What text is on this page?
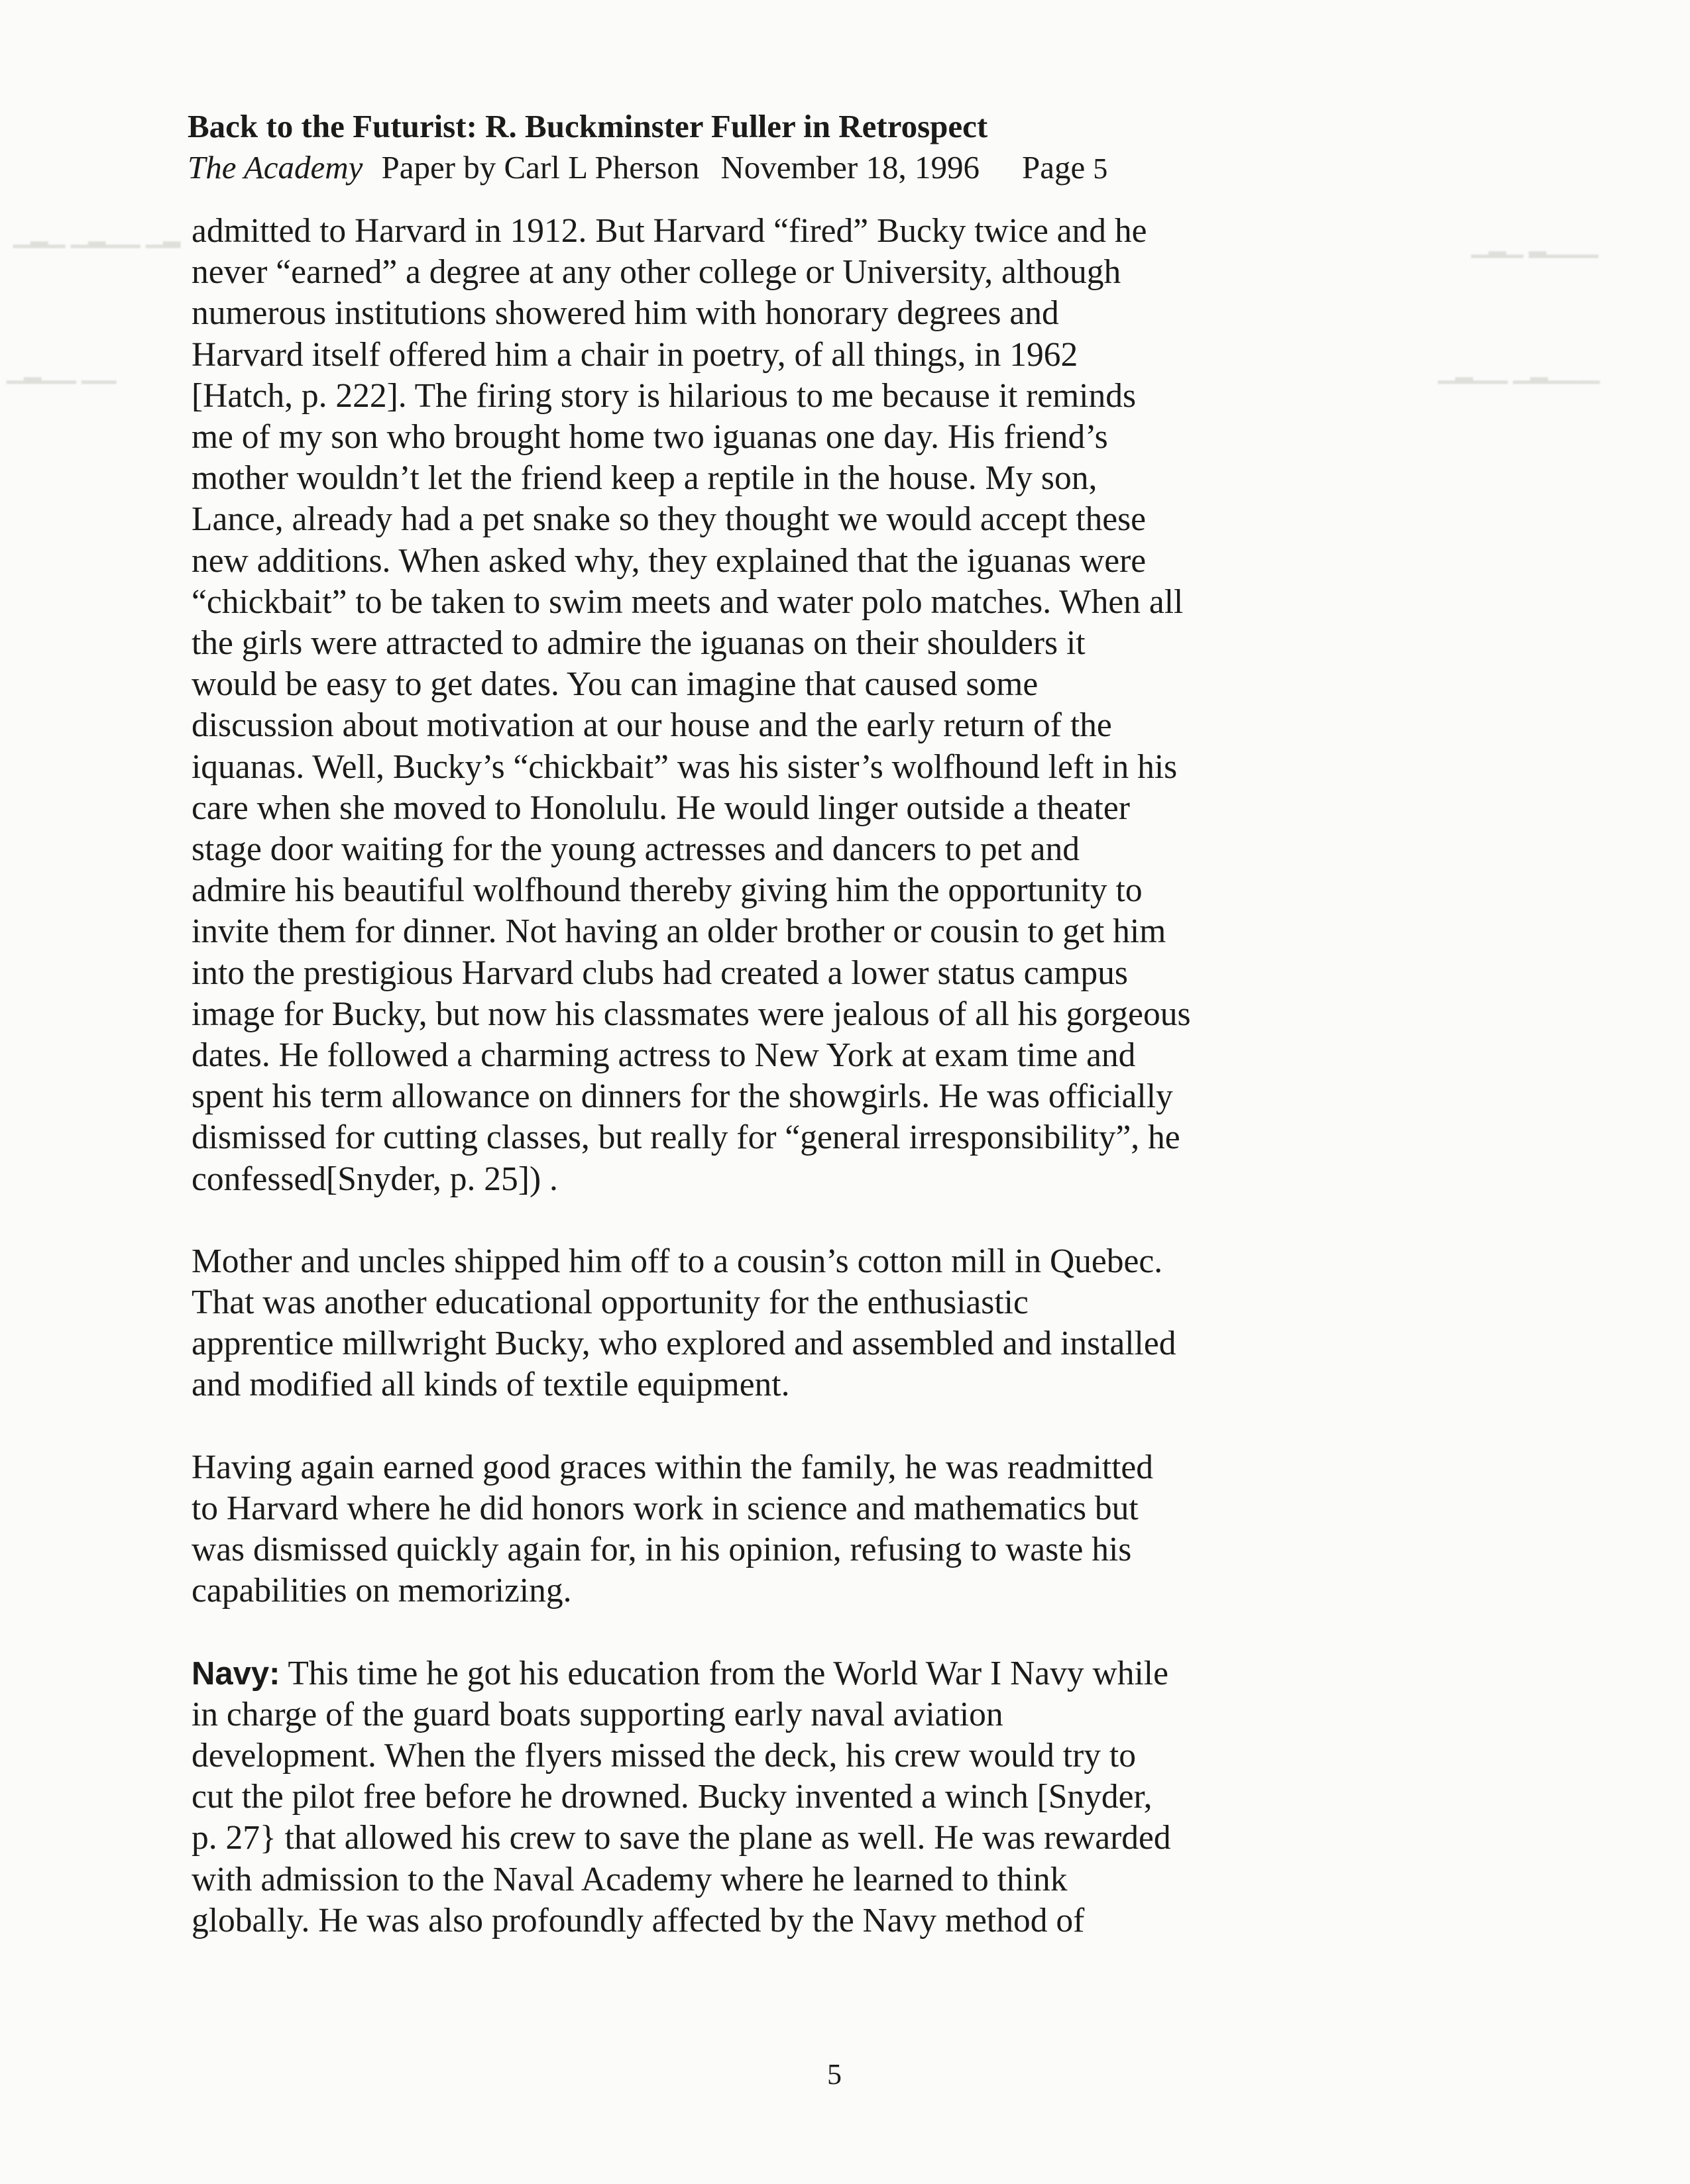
▁▂▁ ▁▂▁▁ ▁▂	▁▂▁ ▂▁▁▁
▁▂▁▁ ▁▂▁▁▁
▁▂▁▁ ▁▁
Back to the Futurist: R. Buckminster Fuller in Retrospect
The Academy Paper by Carl L Pherson November 18, 1996 Page 5

admitted to Harvard in 1912. But Harvard “fired” Bucky twice and he
never “earned” a degree at any other college or University, although
numerous institutions showered him with honorary degrees and
Harvard itself offered him a chair in poetry, of all things, in 1962
[Hatch, p. 222]. The firing story is hilarious to me because it reminds
me of my son who brought home two iguanas one day. His friend’s
mother wouldn’t let the friend keep a reptile in the house. My son,
Lance, already had a pet snake so they thought we would accept these
new additions. When asked why, they explained that the iguanas were
“chickbait” to be taken to swim meets and water polo matches. When all
the girls were attracted to admire the iguanas on their shoulders it
would be easy to get dates. You can imagine that caused some
discussion about motivation at our house and the early return of the
iquanas. Well, Bucky’s “chickbait” was his sister’s wolfhound left in his
care when she moved to Honolulu. He would linger outside a theater
stage door waiting for the young actresses and dancers to pet and
admire his beautiful wolfhound thereby giving him the opportunity to
invite them for dinner. Not having an older brother or cousin to get him
into the prestigious Harvard clubs had created a lower status campus
image for Bucky, but now his classmates were jealous of all his gorgeous
dates. He followed a charming actress to New York at exam time and
spent his term allowance on dinners for the showgirls. He was officially
dismissed for cutting classes, but really for “general irresponsibility”, he
confessed[Snyder, p. 25]) .

Mother and uncles shipped him off to a cousin’s cotton mill in Quebec.
That was another educational opportunity for the enthusiastic
apprentice millwright Bucky, who explored and assembled and installed
and modified all kinds of textile equipment.

Having again earned good graces within the family, he was readmitted
to Harvard where he did honors work in science and mathematics but
was dismissed quickly again for, in his opinion, refusing to waste his
capabilities on memorizing.

Navy: This time he got his education from the World War I Navy while
in charge of the guard boats supporting early naval aviation
development. When the flyers missed the deck, his crew would try to
cut the pilot free before he drowned. Bucky invented a winch [Snyder,
p. 27} that allowed his crew to save the plane as well. He was rewarded
with admission to the Naval Academy where he learned to think
globally. He was also profoundly affected by the Navy method of

5
